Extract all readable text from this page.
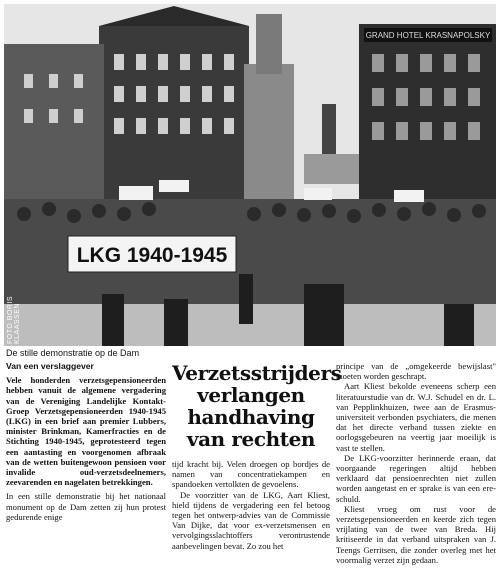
GRAND HOTEL KRASNAPOLSKY
LKG 1940-1945
FOTO BORIS KLAASSEN
De stille demonstratie op de Dam
Van een verslaggever

Vele honderden verzetsgepensioneerden hebben vanuit de algemene vergadering van de Vereniging Landelijke Kontakt-Groep Verzetsgepensioneerden 1940-1945 (LKG) in een brief aan premier Lubbers, minister Brinkman, Kamerfracties en de Stichting 1940-1945, geprotesteerd tegen een aantasting en voorgenomen afbraak van de wetten buitengewoon pensioen voor invalide oud-verzetsdeelnemers, zeevarenden en nagelaten betrekkingen.

In een stille demonstratie bij het nationaal monument op de Dam zetten zij hun protest gedurende enige

Verzetsstrijders verlangen handhaving van rechten

tijd kracht bij. Velen droegen op bordjes de namen van concentratiekampen en spandoeken vertolkten de gevoelens.

De voorzitter van de LKG, Aart Kliest, hield tijdens de vergadering een fel betoog tegen het ontwerp-advies van de Commissie Van Dijke, dat voor ex-verzetsmensen en vervolgingsslachtoffers verontrustende aanbevelingen bevat. Zo zou het

principe van de „omgekeerde bewijslast" moeten worden geschrapt.

Aart Kliest bekolde eveneens scherp een literatuurstudie van dr. W.J. Schudel en dr. L. van Pepplinkhuizen, twee aan de Erasmus-universiteit verbonden psychiaters, die menen dat het directe verband tussen ziekte en oorlogsgebeuren na veertig jaar moeilijk is vast te stellen.

De LKG-voorzitter herinnerde eraan, dat voorgaande regeringen altijd hebben verklaard dat pensioenrechten niet zullen worden aangetast en er sprake is van een ere-schuld.

Kliest vroeg om rust voor de verzetsgepensioneerden en keerde zich tegen vrijlating van de twee van Breda. Hij kritiseerde in dat verband uitspraken van J. Teengs Gerritsen, die zonder overleg met het voormalig verzet zijn gedaan.
